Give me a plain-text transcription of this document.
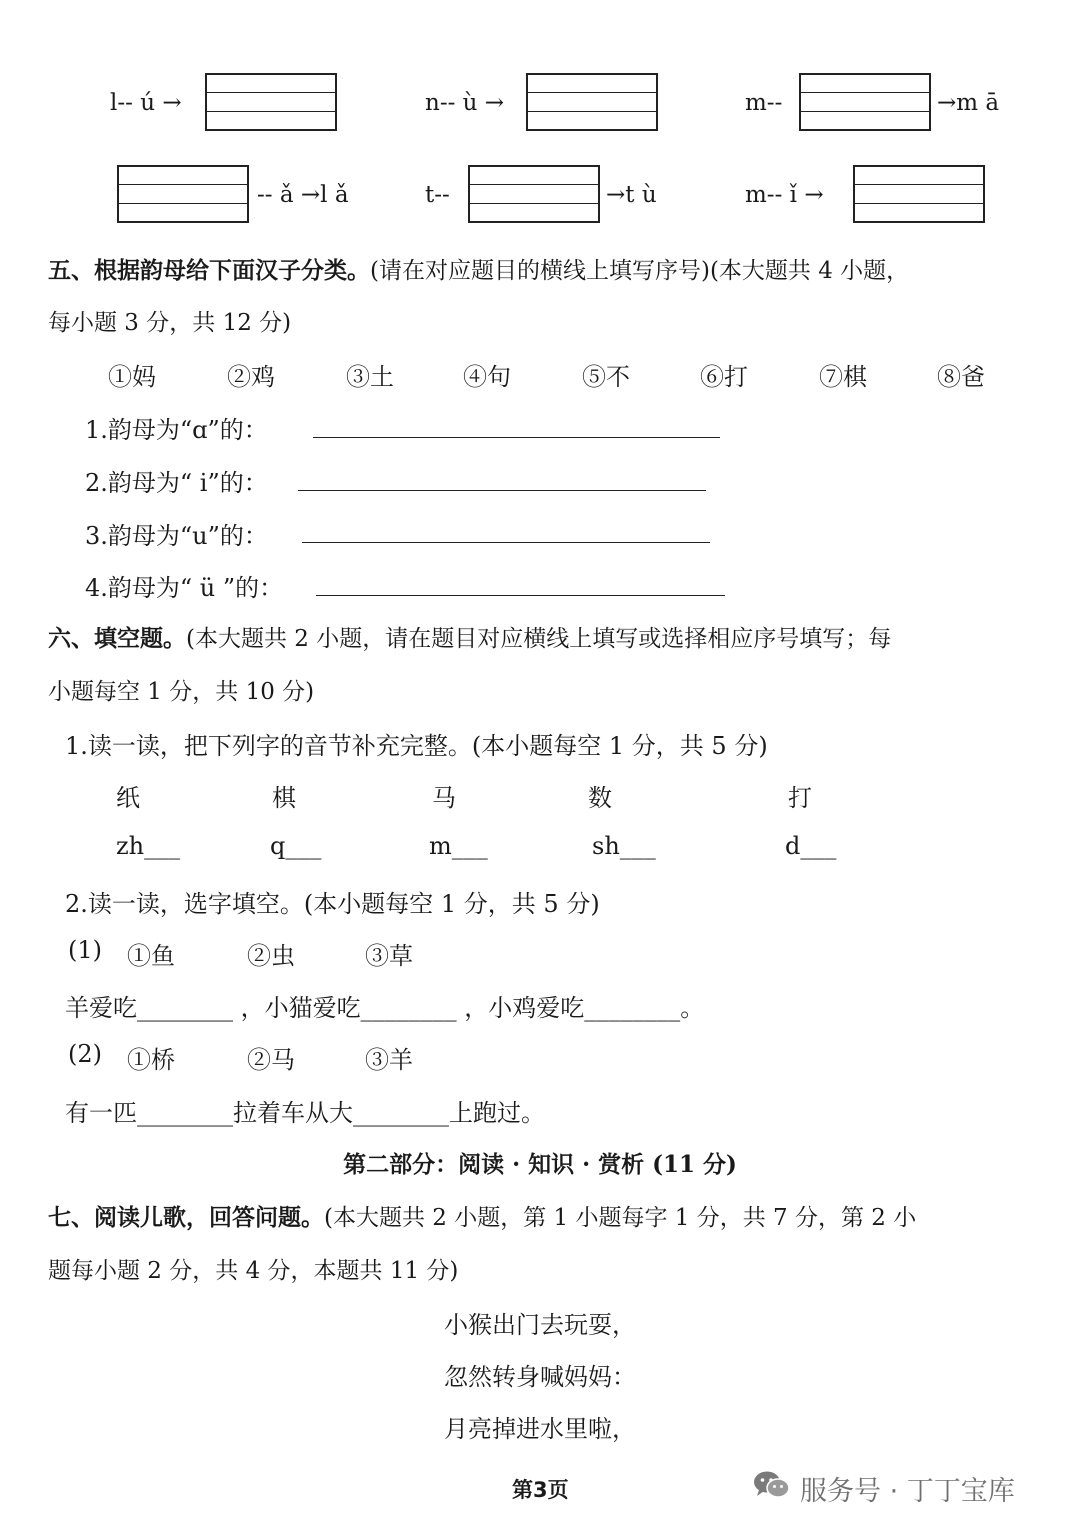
l-- ú →	n-- ù →	m--	→m ā
-- ǎ →l ǎ	t--	→t ù	m-- ǐ →
五、根据韵母给下面汉子分类。(请在对应题目的横线上填写序号)(本大题共 4 小题，
每小题 3 分，共 12 分)
①妈	②鸡	③土	④句	⑤不	⑥打	⑦棋	⑧爸
1.韵母为“ɑ”的：
2.韵母为“ i”的：
3.韵母为“u”的：
4.韵母为“ ü ”的：
六、填空题。(本大题共 2 小题，请在题目对应横线上填写或选择相应序号填写；每
小题每空 1 分，共 10 分)
1.读一读，把下列字的音节补充完整。(本小题每空 1 分，共 5 分)
纸	棋	马	数	打
zh___	q___	m___	sh___	d___
2.读一读，选字填空。(本小题每空 1 分，共 5 分)
(1) ①鱼	②虫	③草
羊爱吃________ ，小猫爱吃________ ，小鸡爱吃________。
(2) ①桥	②马	③羊
有一匹________拉着车从大________上跑过。
第二部分：阅读 · 知识 · 赏析 (11 分)
七、阅读儿歌，回答问题。(本大题共 2 小题，第 1 小题每字 1 分，共 7 分，第 2 小
题每小题 2 分，共 4 分，本题共 11 分)
小猴出门去玩耍，
忽然转身喊妈妈：
月亮掉进水里啦，
第3页	服务号 · 丁丁宝库
